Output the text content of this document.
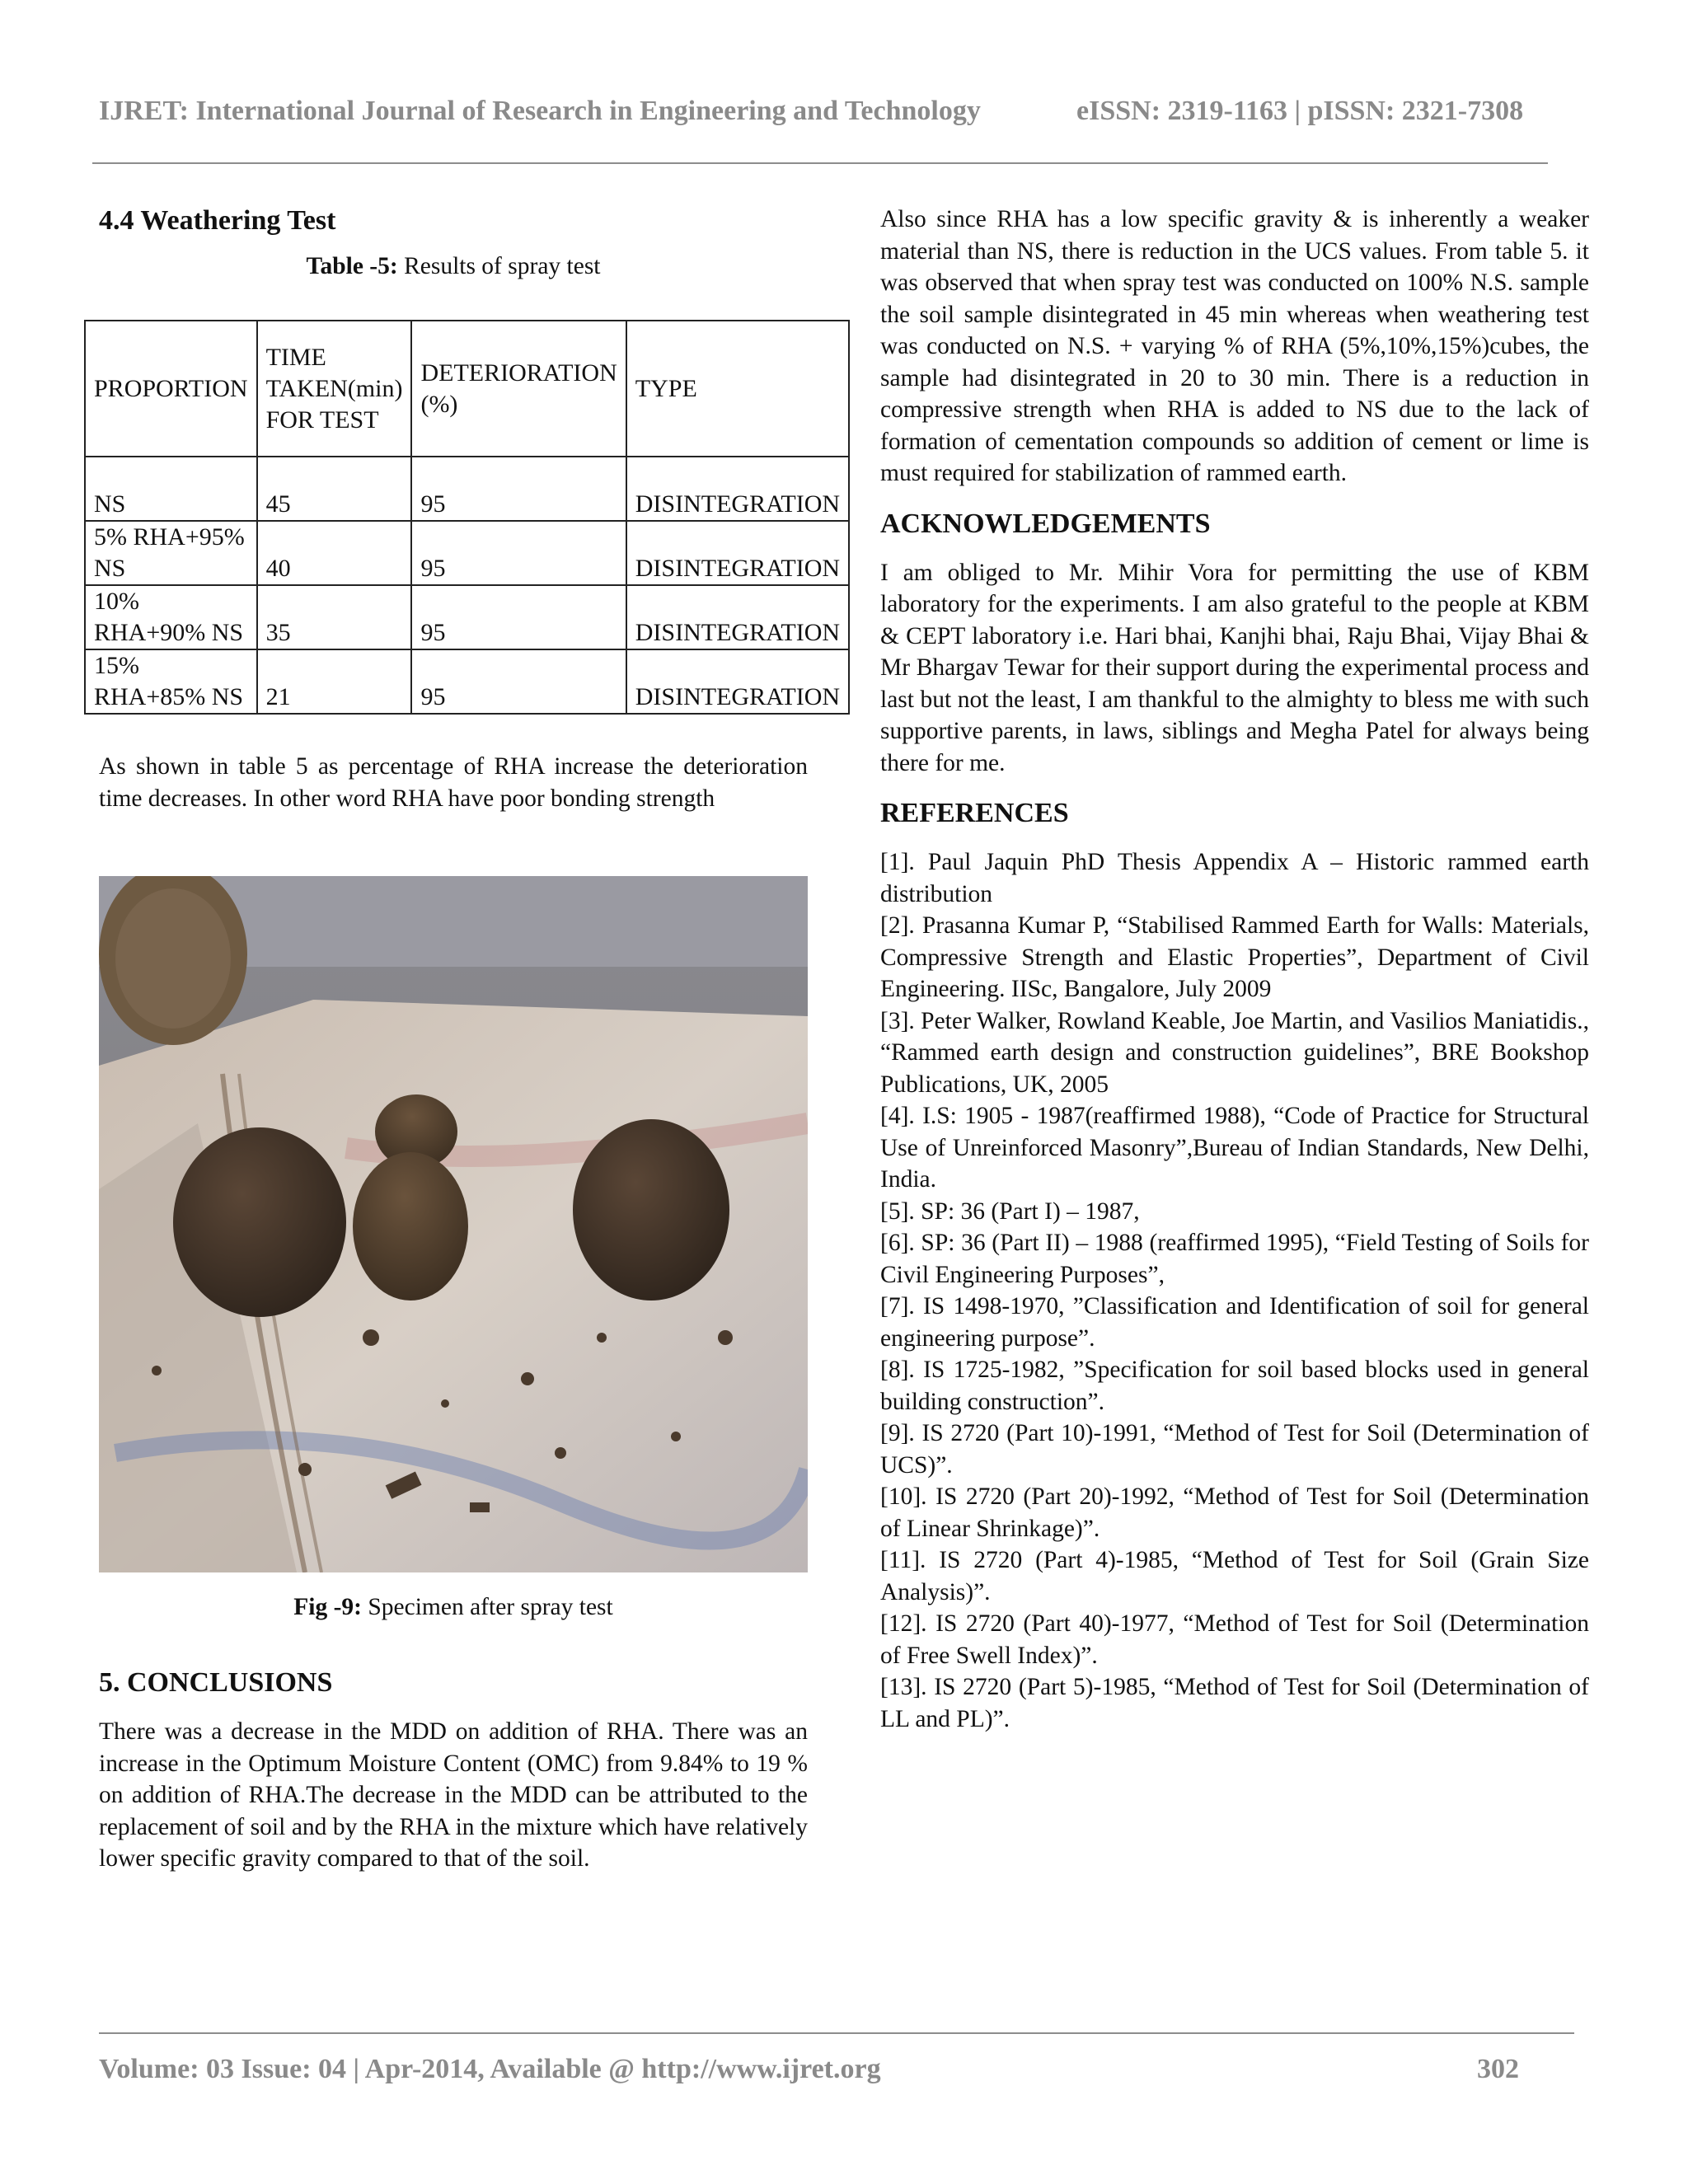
IJRET: International Journal of Research in Engineering and Technology	eISSN: 2319-1163 | pISSN: 2321-7308
4.4 Weathering Test

Table -5: Results of spray test

PROPORTION	TIME TAKEN(min) FOR TEST	DETERIORATION (%)	TYPE
NS	45	95	DISINTEGRATION
5% RHA+95% NS	40	95	DISINTEGRATION
10% RHA+90% NS	35	95	DISINTEGRATION
15% RHA+85% NS	21	95	DISINTEGRATION

As shown in table 5 as percentage of RHA increase the deterioration time decreases. In other word RHA have poor bonding strength

Fig -9: Specimen after spray test

5. CONCLUSIONS

There was a decrease in the MDD on addition of RHA. There was an increase in the Optimum Moisture Content (OMC) from 9.84% to 19 % on addition of RHA.The decrease in the MDD can be attributed to the replacement of soil and by the RHA in the mixture which have relatively lower specific gravity compared to that of the soil.

Also since RHA has a low specific gravity & is inherently a weaker material than NS, there is reduction in the UCS values. From table 5. it was observed that when spray test was conducted on 100% N.S. sample the soil sample disintegrated in 45 min whereas when weathering test was conducted on N.S. + varying % of RHA (5%,10%,15%)cubes, the sample had disintegrated in 20 to 30 min. There is a reduction in compressive strength when RHA is added to NS due to the lack of formation of cementation compounds so addition of cement or lime is must required for stabilization of rammed earth.

ACKNOWLEDGEMENTS

I am obliged to Mr. Mihir Vora for permitting the use of KBM laboratory for the experiments. I am also grateful to the people at KBM & CEPT laboratory i.e. Hari bhai, Kanjhi bhai, Raju Bhai, Vijay Bhai & Mr Bhargav Tewar for their support during the experimental process and last but not the least, I am thankful to the almighty to bless me with such supportive parents, in laws, siblings and Megha Patel for always being there for me.

REFERENCES

[1]. Paul Jaquin PhD Thesis Appendix A – Historic rammed earth distribution

[2]. Prasanna Kumar P, “Stabilised Rammed Earth for Walls: Materials, Compressive Strength and Elastic Properties”, Department of Civil Engineering. IISc, Bangalore, July 2009

[3]. Peter Walker, Rowland Keable, Joe Martin, and Vasilios Maniatidis., “Rammed earth design and construction guidelines”, BRE Bookshop Publications, UK, 2005

[4]. I.S: 1905 - 1987(reaffirmed 1988), “Code of Practice for Structural Use of Unreinforced Masonry”,Bureau of Indian Standards, New Delhi, India.

[5]. SP: 36 (Part I) – 1987,

[6]. SP: 36 (Part II) – 1988 (reaffirmed 1995), “Field Testing of Soils for Civil Engineering Purposes”,

[7]. IS 1498-1970, ”Classification and Identification of soil for general engineering purpose”.

[8]. IS 1725-1982, ”Specification for soil based blocks used in general building construction”.

[9]. IS 2720 (Part 10)-1991, “Method of Test for Soil (Determination of UCS)”.

[10]. IS 2720 (Part 20)-1992, “Method of Test for Soil (Determination of Linear Shrinkage)”.

[11]. IS 2720 (Part 4)-1985, “Method of Test for Soil (Grain Size Analysis)”.

[12]. IS 2720 (Part 40)-1977, “Method of Test for Soil (Determination of Free Swell Index)”.

[13]. IS 2720 (Part 5)-1985, “Method of Test for Soil (Determination of LL and PL)”.

Volume: 03 Issue: 04 | Apr-2014, Available @ http://www.ijret.org	302
